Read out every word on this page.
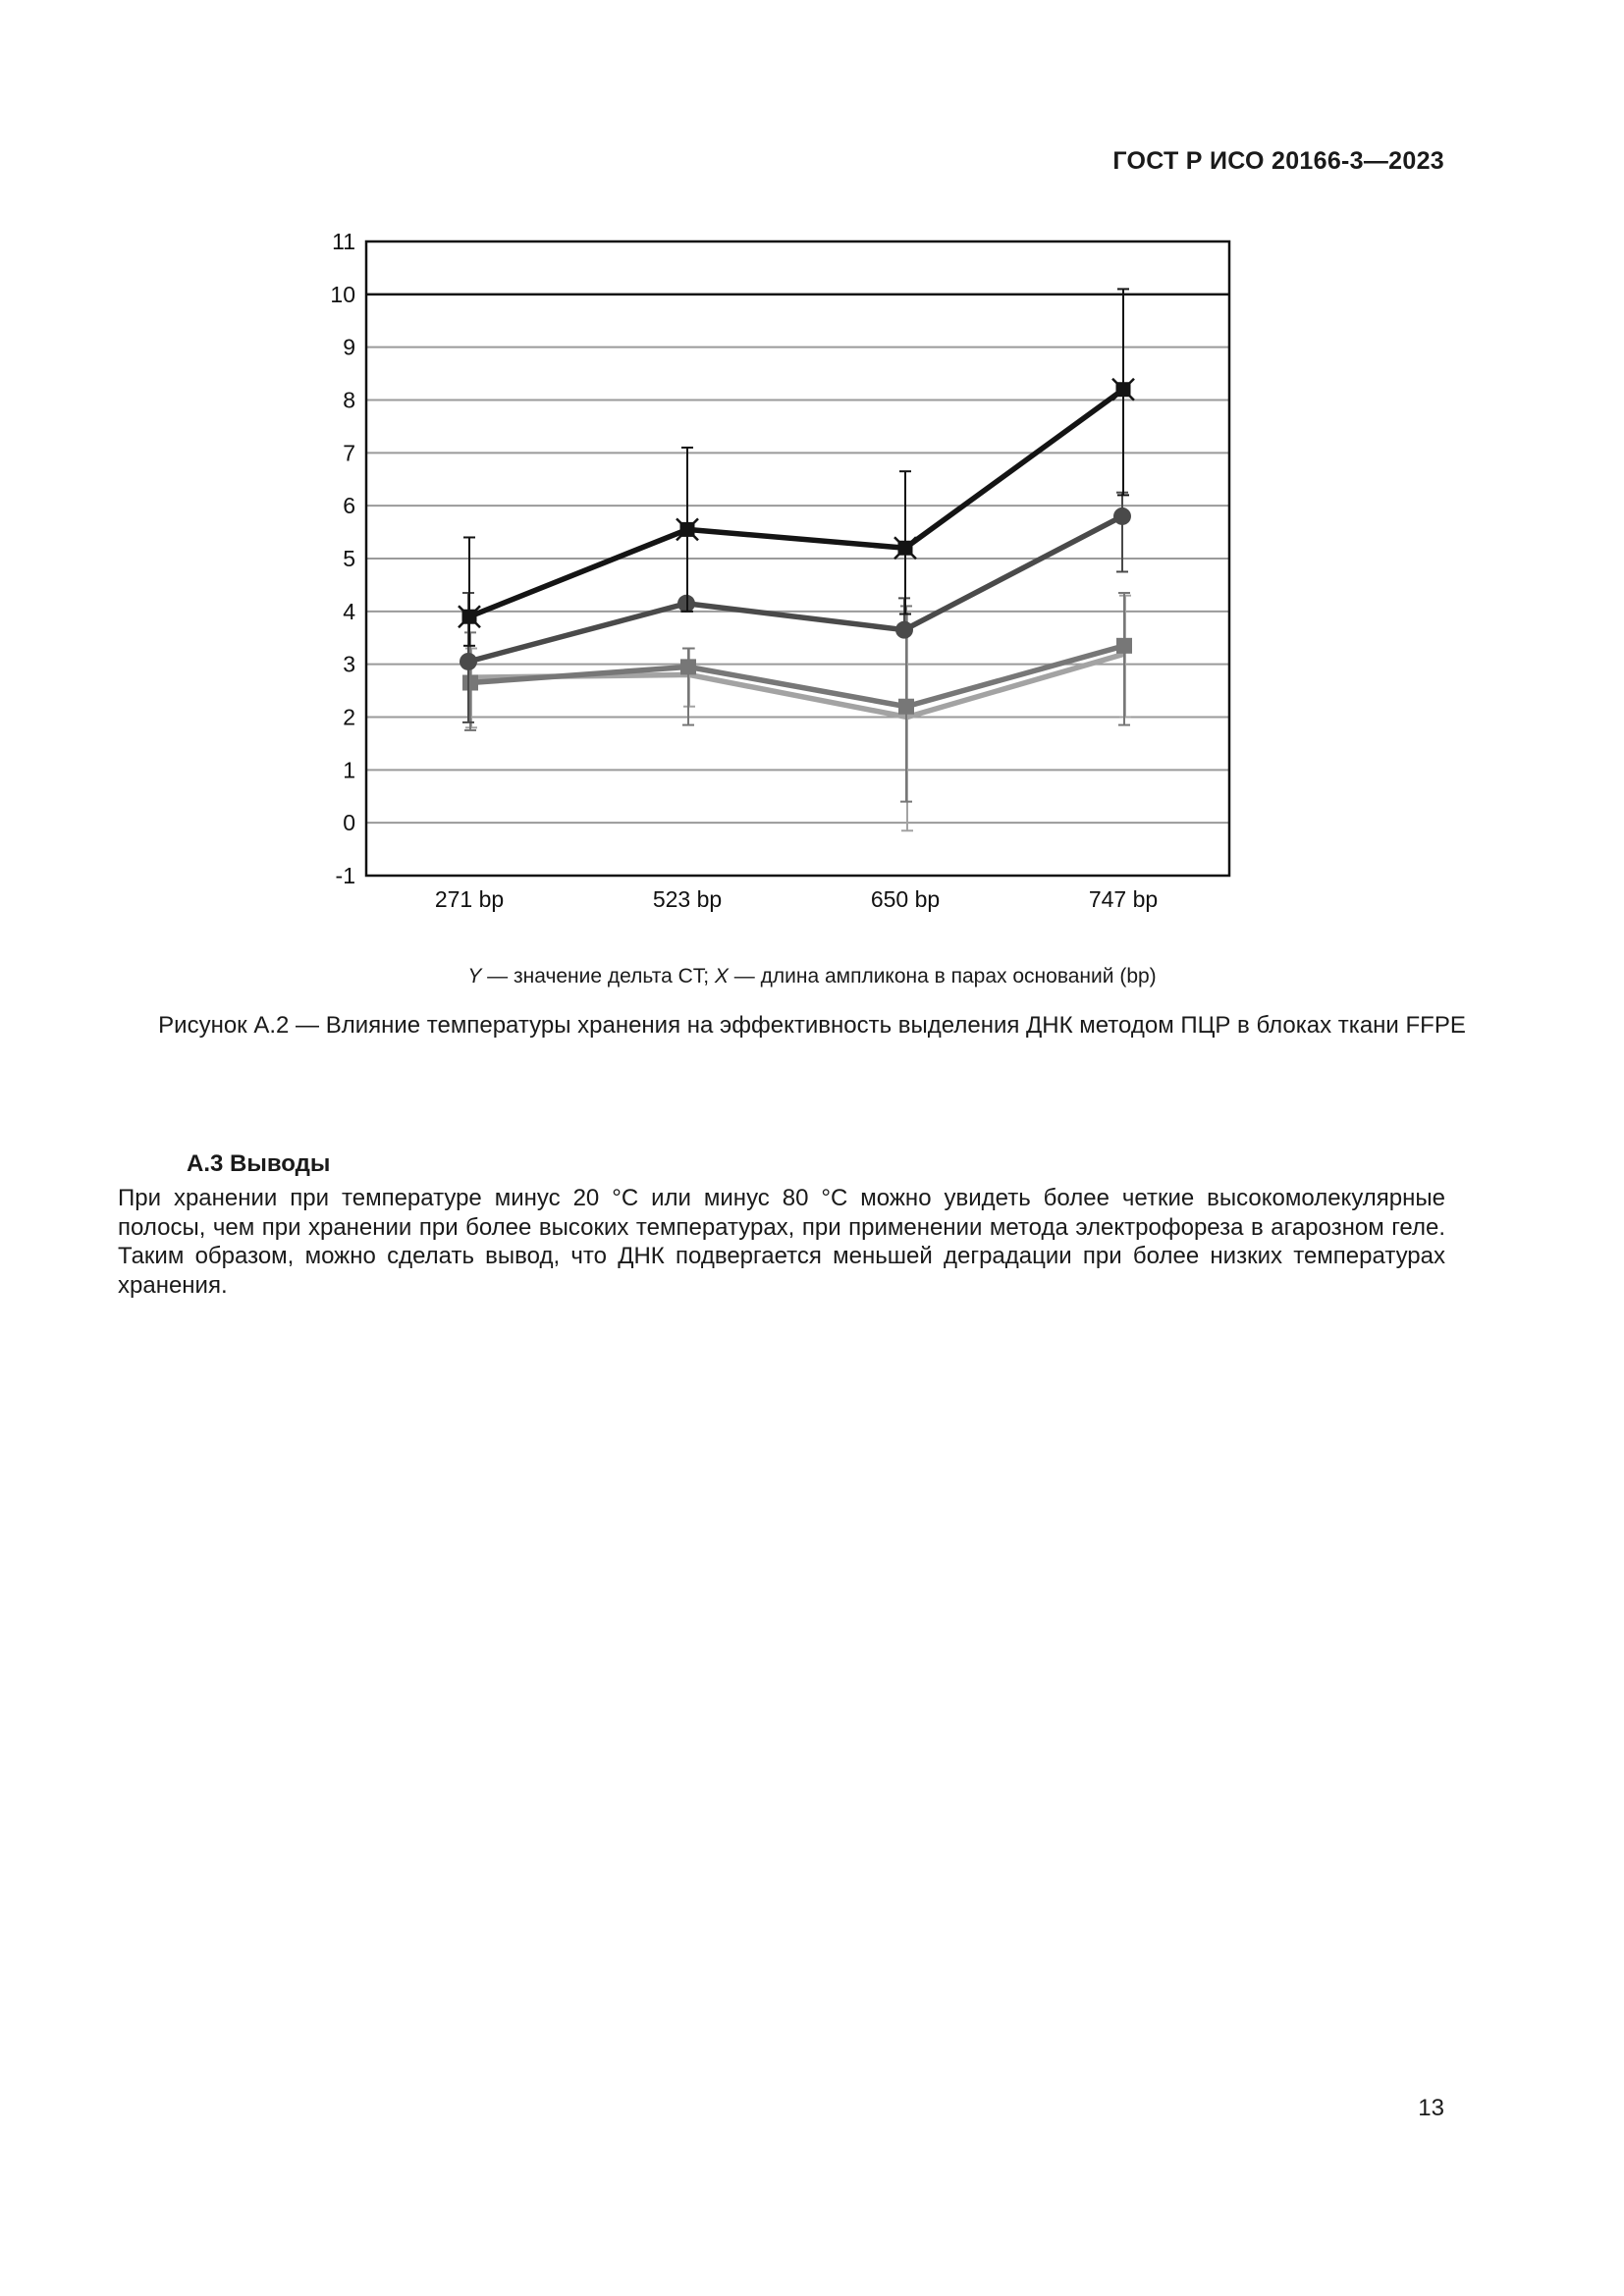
ГОСТ Р ИСО 20166-3—2023
-1
0
1
2
3
4
5
6
7
8
9
10
11
271 bp	523 bp	650 bp	747 bp
Y — значение дельта CT; X — длина ампликона в парах оснований (bp)
Рисунок А.2 — Влияние температуры хранения на эффективность выделения ДНК методом ПЦР в блоках ткани FFPE
А.3 Выводы
При хранении при температуре минус 20 °С или минус 80 °С можно увидеть более четкие высокомолекулярные полосы, чем при хранении при более высоких температурах, при применении метода электрофореза в агарозном геле. Таким образом, можно сделать вывод, что ДНК подвергается меньшей деградации при более низких температурах хранения.
13
